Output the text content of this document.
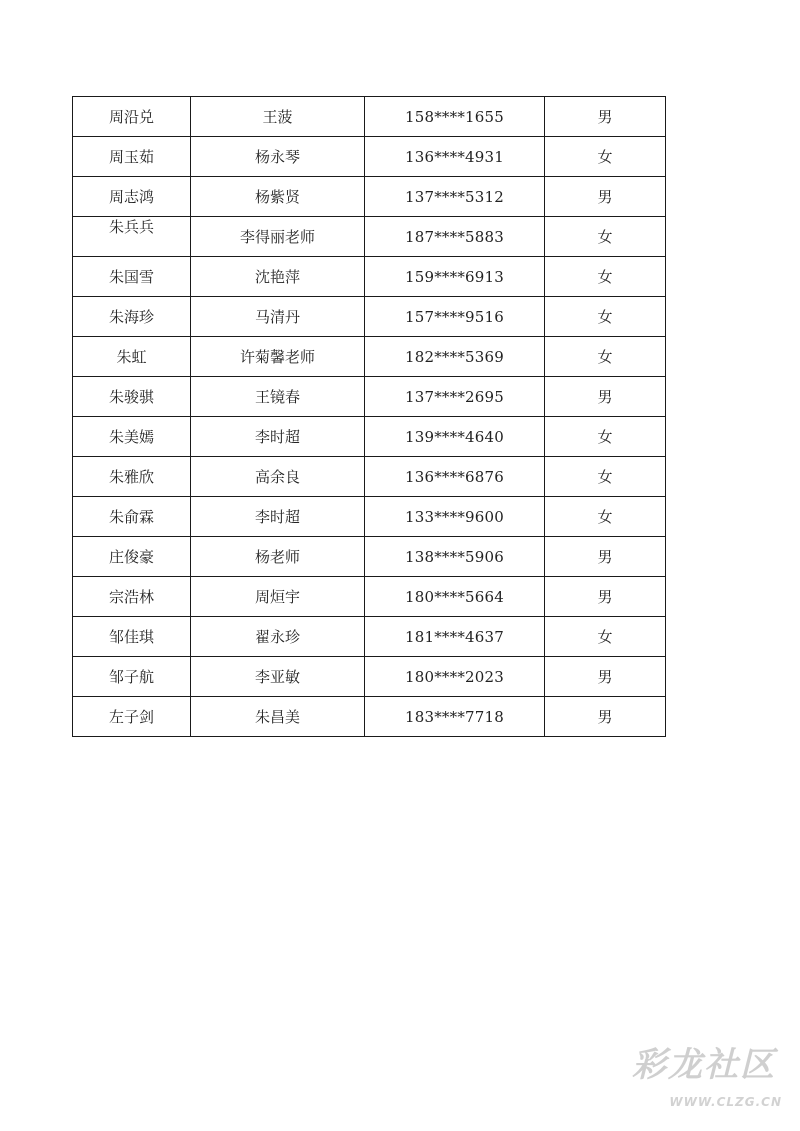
周沿兑	王菠	158****1655	男
周玉茹	杨永琴	136****4931	女
周志鸿	杨紫贤	137****5312	男
朱兵兵	李得丽老师	187****5883	女
朱国雪	沈艳萍	159****6913	女
朱海珍	马清丹	157****9516	女
朱虹	许菊馨老师	182****5369	女
朱骏骐	王镜春	137****2695	男
朱美嫣	李时超	139****4640	女
朱雅欣	高余良	136****6876	女
朱俞霖	李时超	133****9600	女
庄俊豪	杨老师	138****5906	男
宗浩林	周烜宇	180****5664	男
邹佳琪	翟永珍	181****4637	女
邹子航	李亚敏	180****2023	男
左子剑	朱昌美	183****7718	男
彩龙社区
WWW.CLZG.CN
